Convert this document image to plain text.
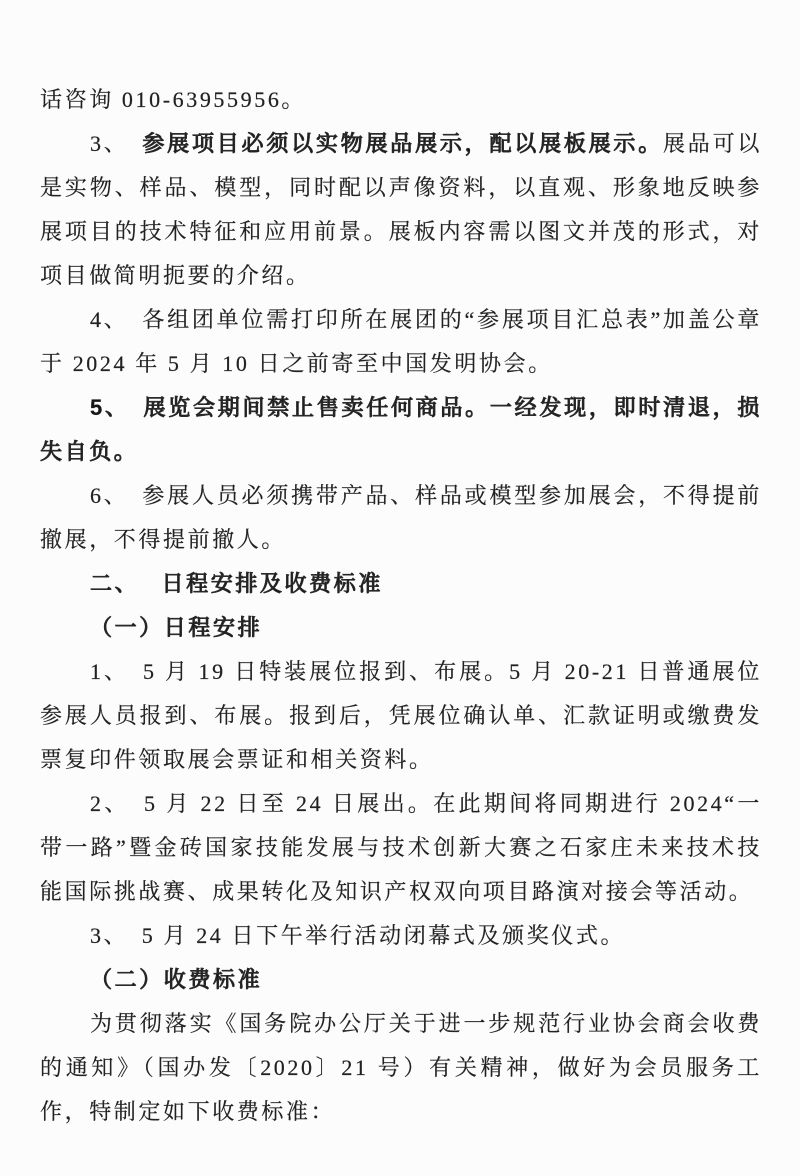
话咨询 010-63955956。

3、　参展项目必须以实物展品展示，配以展板展示。展品可以是实物、样品、模型，同时配以声像资料，以直观、形象地反映参展项目的技术特征和应用前景。展板内容需以图文并茂的形式，对项目做简明扼要的介绍。

4、　各组团单位需打印所在展团的“参展项目汇总表”加盖公章于 2024 年 5 月 10 日之前寄至中国发明协会。

5、　展览会期间禁止售卖任何商品。一经发现，即时清退，损失自负。

6、　参展人员必须携带产品、样品或模型参加展会，不得提前撤展，不得提前撤人。

二、　 日程安排及收费标准

（一）日程安排

1、　5 月 19 日特装展位报到、布展。5 月 20-21 日普通展位参展人员报到、布展。报到后，凭展位确认单、汇款证明或缴费发票复印件领取展会票证和相关资料。

2、　5 月 22 日至 24 日展出。在此期间将同期进行 2024“一带一路”暨金砖国家技能发展与技术创新大赛之石家庄未来技术技能国际挑战赛、成果转化及知识产权双向项目路演对接会等活动。

3、　5 月 24 日下午举行活动闭幕式及颁奖仪式。

（二）收费标准

为贯彻落实《国务院办公厅关于进一步规范行业协会商会收费的通知》（国办发〔2020〕21 号）有关精神，做好为会员服务工作，特制定如下收费标准：
